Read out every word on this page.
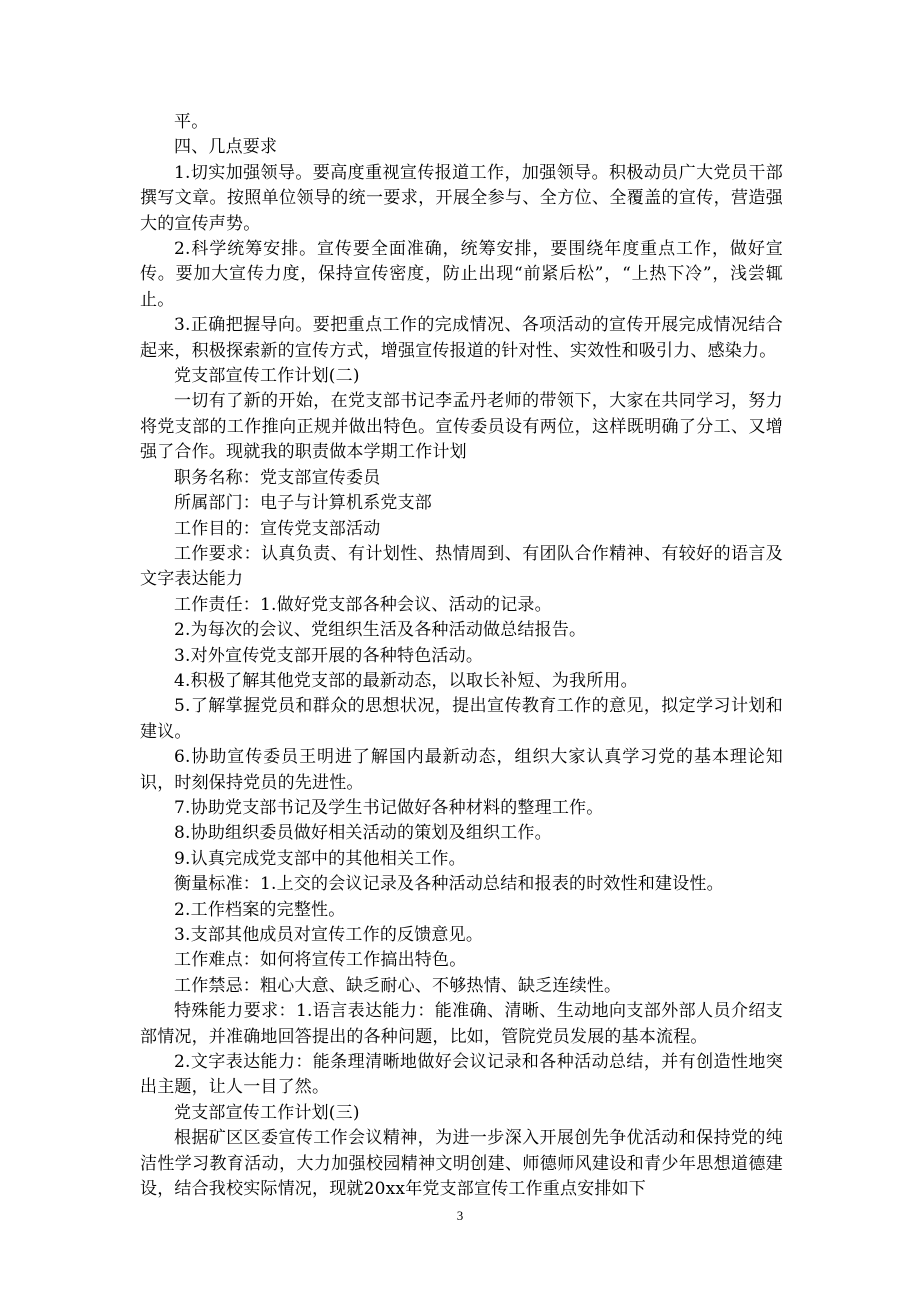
平。

四、几点要求

1.切实加强领导。要高度重视宣传报道工作，加强领导。积极动员广大党员干部撰写文章。按照单位领导的统一要求，开展全参与、全方位、全覆盖的宣传，营造强大的宣传声势。

2.科学统筹安排。宣传要全面准确，统筹安排，要围绕年度重点工作，做好宣传。要加大宣传力度，保持宣传密度，防止出现“前紧后松”，“上热下冷”，浅尝辄止。

3.正确把握导向。要把重点工作的完成情况、各项活动的宣传开展完成情况结合起来，积极探索新的宣传方式，增强宣传报道的针对性、实效性和吸引力、感染力。

党支部宣传工作计划(二)

一切有了新的开始，在党支部书记李孟丹老师的带领下，大家在共同学习，努力将党支部的工作推向正规并做出特色。宣传委员设有两位，这样既明确了分工、又增强了合作。现就我的职责做本学期工作计划

职务名称：党支部宣传委员

所属部门：电子与计算机系党支部

工作目的：宣传党支部活动

工作要求：认真负责、有计划性、热情周到、有团队合作精神、有较好的语言及文字表达能力

工作责任：1.做好党支部各种会议、活动的记录。

2.为每次的会议、党组织生活及各种活动做总结报告。

3.对外宣传党支部开展的各种特色活动。

4.积极了解其他党支部的最新动态，以取长补短、为我所用。

5.了解掌握党员和群众的思想状况，提出宣传教育工作的意见，拟定学习计划和建议。

6.协助宣传委员王明进了解国内最新动态，组织大家认真学习党的基本理论知识，时刻保持党员的先进性。

7.协助党支部书记及学生书记做好各种材料的整理工作。

8.协助组织委员做好相关活动的策划及组织工作。

9.认真完成党支部中的其他相关工作。

衡量标准：1.上交的会议记录及各种活动总结和报表的时效性和建设性。

2.工作档案的完整性。

3.支部其他成员对宣传工作的反馈意见。

工作难点：如何将宣传工作搞出特色。

工作禁忌：粗心大意、缺乏耐心、不够热情、缺乏连续性。

特殊能力要求：1.语言表达能力：能准确、清晰、生动地向支部外部人员介绍支部情况，并准确地回答提出的各种问题，比如，管院党员发展的基本流程。

2.文字表达能力：能条理清晰地做好会议记录和各种活动总结，并有创造性地突出主题，让人一目了然。

党支部宣传工作计划(三)

根据矿区区委宣传工作会议精神，为进一步深入开展创先争优活动和保持党的纯洁性学习教育活动，大力加强校园精神文明创建、师德师风建设和青少年思想道德建设，结合我校实际情况，现就20xx年党支部宣传工作重点安排如下

3
